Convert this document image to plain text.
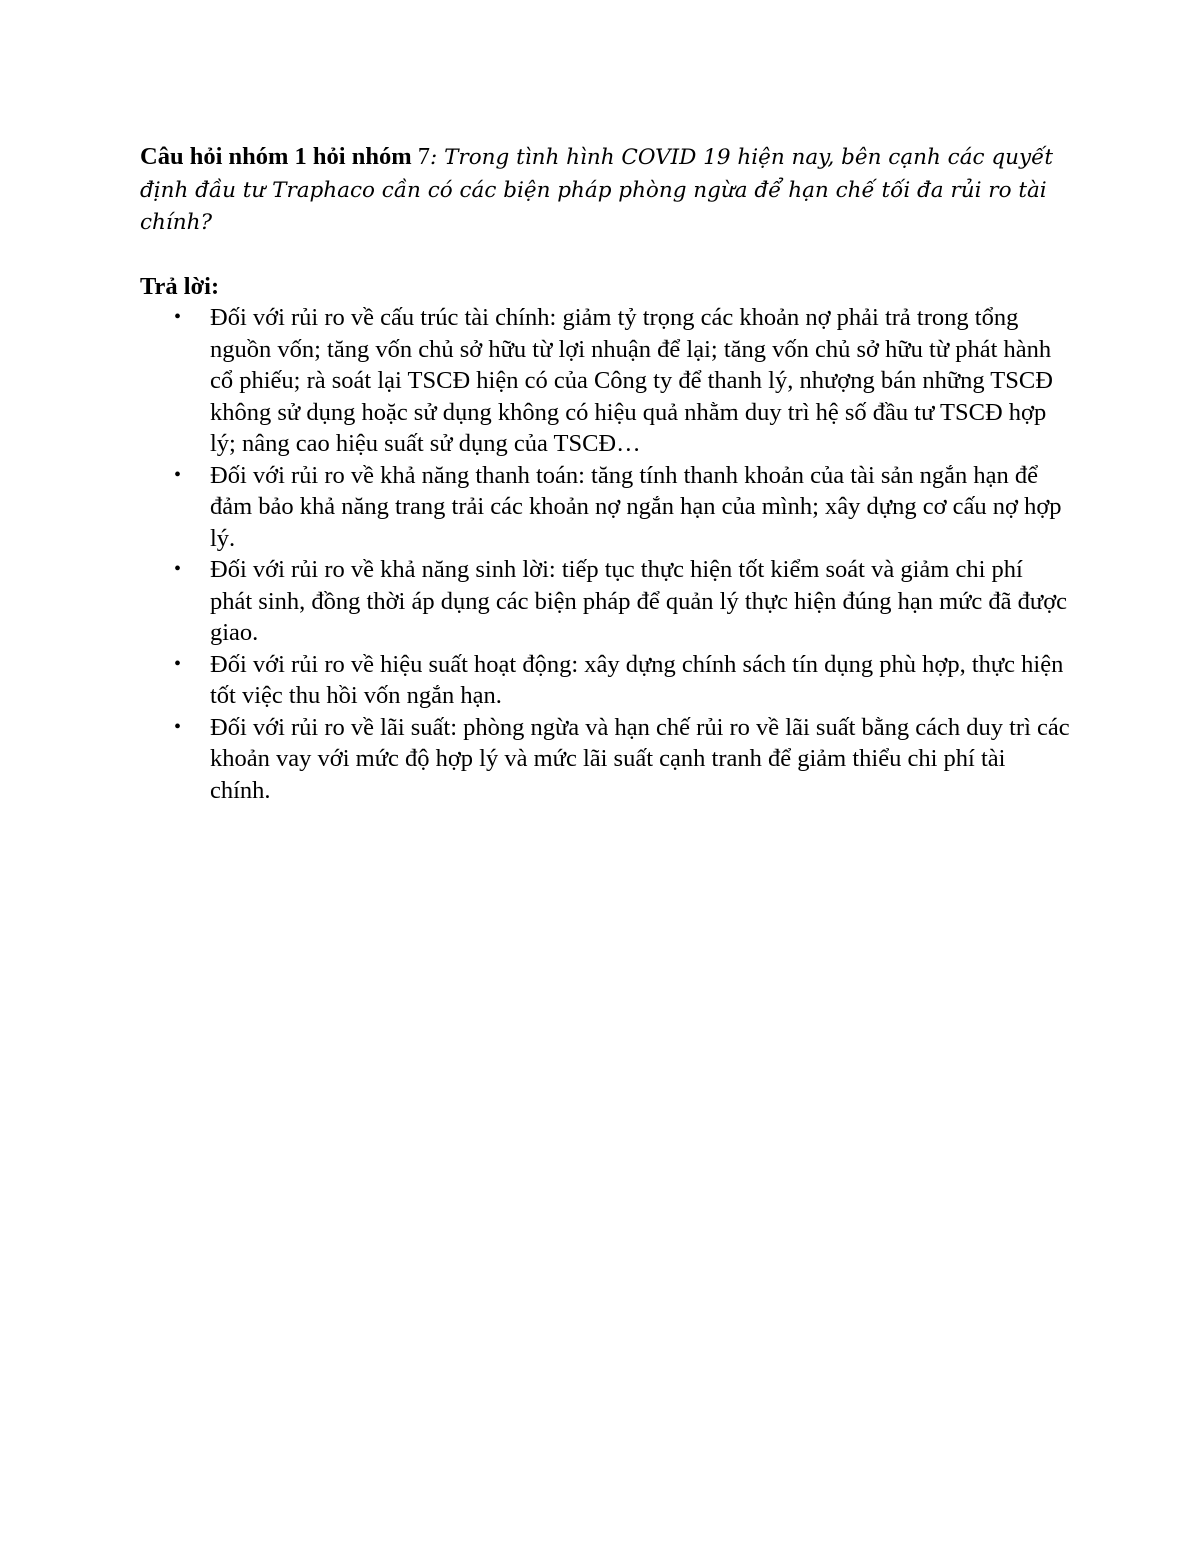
Câu hỏi nhóm 1 hỏi nhóm 7: Trong tình hình COVID 19 hiện nay, bên cạnh các quyết định đầu tư Traphaco cần có các biện pháp phòng ngừa để hạn chế tối đa rủi ro tài chính?

Trả lời:

• Đối với rủi ro về cấu trúc tài chính: giảm tỷ trọng các khoản nợ phải trả trong tổng nguồn vốn; tăng vốn chủ sở hữu từ lợi nhuận để lại; tăng vốn chủ sở hữu từ phát hành cổ phiếu; rà soát lại TSCĐ hiện có của Công ty để thanh lý, nhượng bán những TSCĐ không sử dụng hoặc sử dụng không có hiệu quả nhằm duy trì hệ số đầu tư TSCĐ hợp lý; nâng cao hiệu suất sử dụng của TSCĐ…
• Đối với rủi ro về khả năng thanh toán: tăng tính thanh khoản của tài sản ngắn hạn để đảm bảo khả năng trang trải các khoản nợ ngắn hạn của mình; xây dựng cơ cấu nợ hợp lý.
• Đối với rủi ro về khả năng sinh lời: tiếp tục thực hiện tốt kiểm soát và giảm chi phí phát sinh, đồng thời áp dụng các biện pháp để quản lý thực hiện đúng hạn mức đã được giao.
• Đối với rủi ro về hiệu suất hoạt động: xây dựng chính sách tín dụng phù hợp, thực hiện tốt việc thu hồi vốn ngắn hạn.
• Đối với rủi ro về lãi suất: phòng ngừa và hạn chế rủi ro về lãi suất bằng cách duy trì các khoản vay với mức độ hợp lý và mức lãi suất cạnh tranh để giảm thiểu chi phí tài chính.
